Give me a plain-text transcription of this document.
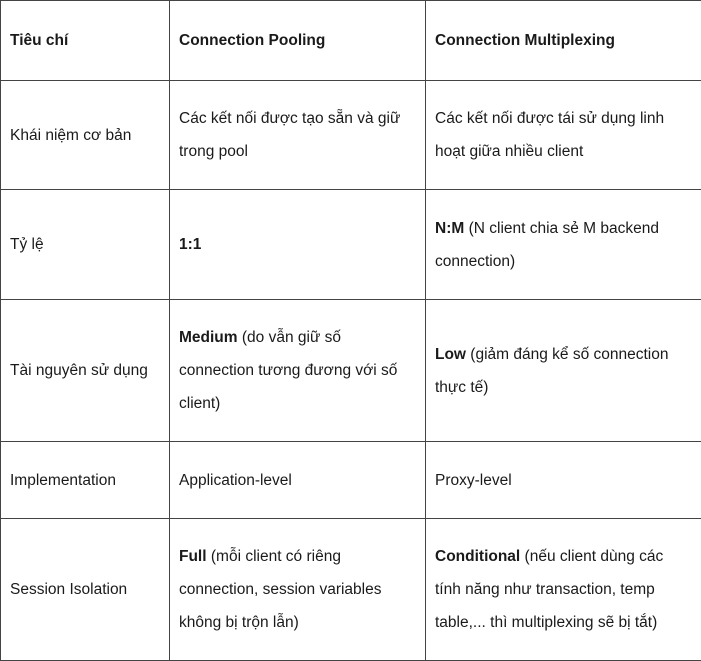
Tiêu chí	Connection Pooling	Connection Multiplexing
Khái niệm cơ bản	Các kết nối được tạo sẵn và giữ trong pool	Các kết nối được tái sử dụng linh hoạt giữa nhiều client
Tỷ lệ	1:1	N:M (N client chia sẻ M backend connection)
Tài nguyên sử dụng	Medium (do vẫn giữ số connection tương đương với số client)	Low (giảm đáng kể số connection thực tế)
Implementation	Application-level	Proxy-level
Session Isolation	Full (mỗi client có riêng connection, session variables không bị trộn lẫn)	Conditional (nếu client dùng các tính năng như transaction, temp table,... thì multiplexing sẽ bị tắt)
